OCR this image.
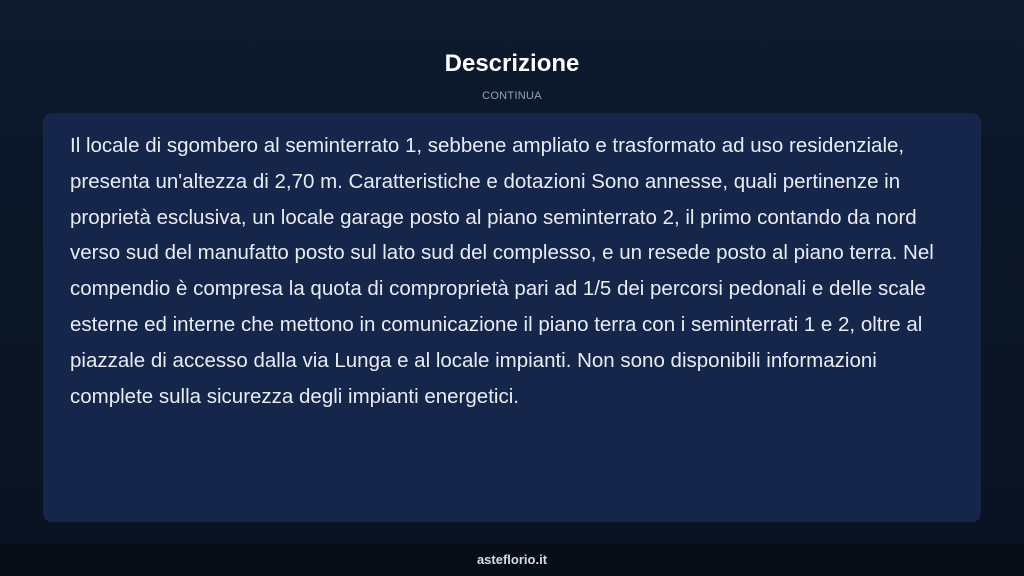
Descrizione
CONTINUA

Il locale di sgombero al seminterrato 1, sebbene ampliato e trasformato ad uso residenziale, presenta un'altezza di 2,70 m. Caratteristiche e dotazioni Sono annesse, quali pertinenze in proprietà esclusiva, un locale garage posto al piano seminterrato 2, il primo contando da nord verso sud del manufatto posto sul lato sud del complesso, e un resede posto al piano terra. Nel compendio è compresa la quota di comproprietà pari ad 1/5 dei percorsi pedonali e delle scale esterne ed interne che mettono in comunicazione il piano terra con i seminterrati 1 e 2, oltre al piazzale di accesso dalla via Lunga e al locale impianti. Non sono disponibili informazioni complete sulla sicurezza degli impianti energetici.

asteflorio.it
